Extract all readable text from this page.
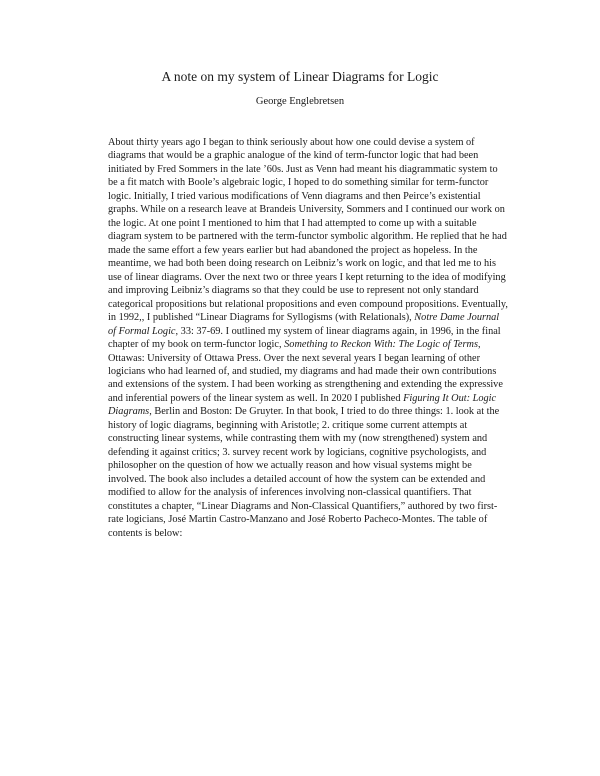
A note on my system of Linear Diagrams for Logic
George Englebretsen

About thirty years ago I began to think seriously about how one could devise a system of
diagrams that would be a graphic analogue of the kind of term-functor logic that had been
initiated by Fred Sommers in the late ’60s. Just as Venn had meant his diagrammatic system to
be a fit match with Boole’s algebraic logic, I hoped to do something similar for term-functor
logic. Initially, I tried various modifications of Venn diagrams and then Peirce’s existential
graphs. While on a research leave at Brandeis University, Sommers and I continued our work on
the logic. At one point I mentioned to him that I had attempted to come up with a suitable
diagram system to be partnered with the term-functor symbolic algorithm. He replied that he had
made the same effort a few years earlier but had abandoned the project as hopeless. In the
meantime, we had both been doing research on Leibniz’s work on logic, and that led me to his
use of linear diagrams. Over the next two or three years I kept returning to the idea of modifying
and improving Leibniz’s diagrams so that they could be use to represent not only standard
categorical propositions but relational propositions and even compound propositions. Eventually,
in 1992,, I published “Linear Diagrams for Syllogisms (with Relationals), Notre Dame Journal
of Formal Logic, 33: 37-69. I outlined my system of linear diagrams again, in 1996, in the final
chapter of my book on term-functor logic, Something to Reckon With: The Logic of Terms,
Ottawas: University of Ottawa Press. Over the next several years I began learning of other
logicians who had learned of, and studied, my diagrams and had made their own contributions
and extensions of the system. I had been working as strengthening and extending the expressive
and inferential powers of the linear system as well. In 2020 I published Figuring It Out: Logic
Diagrams, Berlin and Boston: De Gruyter. In that book, I tried to do three things: 1. look at the
history of logic diagrams, beginning with Aristotle; 2. critique some current attempts at
constructing linear systems, while contrasting them with my (now strengthened) system and
defending it against critics; 3. survey recent work by logicians, cognitive psychologists, and
philosopher on the question of how we actually reason and how visual systems might be
involved. The book also includes a detailed account of how the system can be extended and
modified to allow for the analysis of inferences involving non-classical quantifiers. That
constitutes a chapter, “Linear Diagrams and Non-Classical Quantifiers,” authored by two first-
rate logicians, José Martin Castro-Manzano and José Roberto Pacheco-Montes. The table of
contents is below:
